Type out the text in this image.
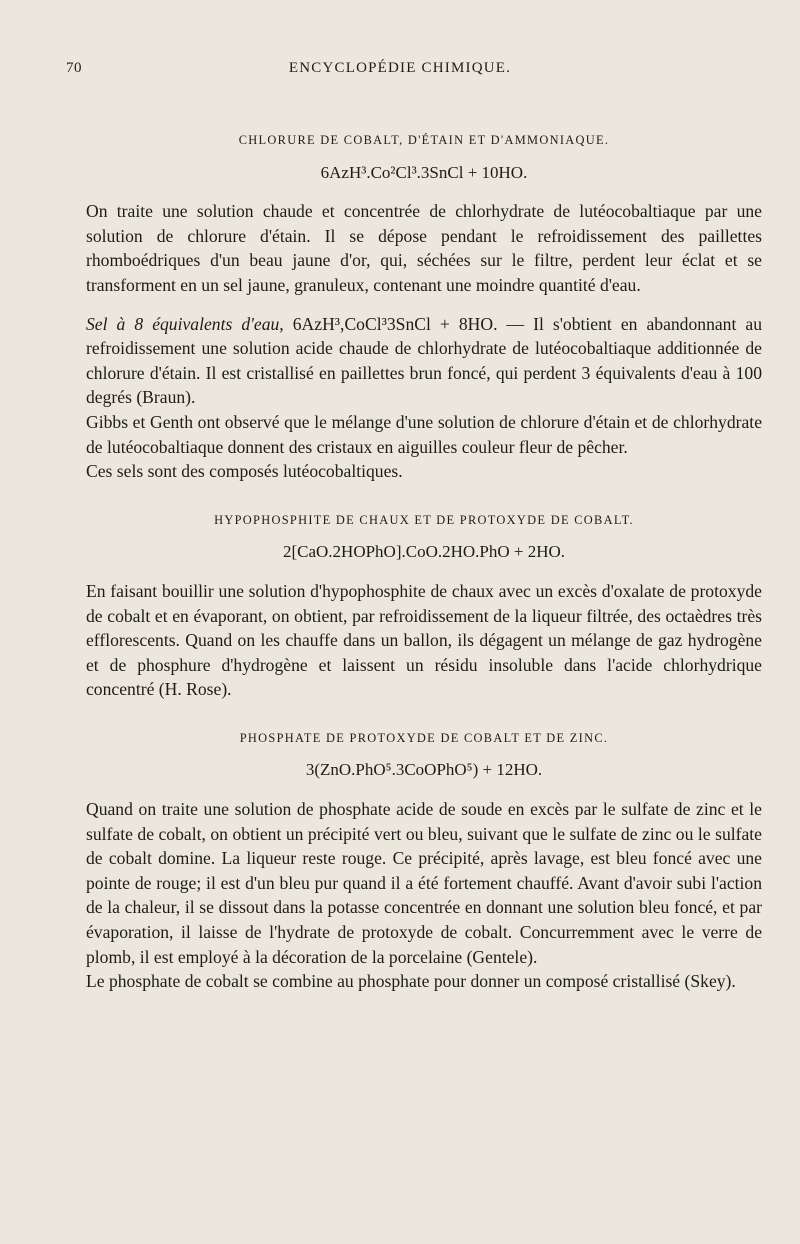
70	ENCYCLOPÉDIE CHIMIQUE.
CHLORURE DE COBALT, D'ÉTAIN ET D'AMMONIAQUE.
6AzH³.Co²Cl³.3SnCl + 10HO.

On traite une solution chaude et concentrée de chlorhydrate de lutéocobaltiaque par une solution de chlorure d'étain. Il se dépose pendant le refroidissement des paillettes rhomboédriques d'un beau jaune d'or, qui, séchées sur le filtre, perdent leur éclat et se transforment en un sel jaune, granuleux, contenant une moindre quantité d'eau.

Sel à 8 équivalents d'eau, 6AzH³,CoCl³3SnCl + 8HO. — Il s'obtient en abandonnant au refroidissement une solution acide chaude de chlorhydrate de lutéocobaltiaque additionnée de chlorure d'étain. Il est cristallisé en paillettes brun foncé, qui perdent 3 équivalents d'eau à 100 degrés (Braun).

Gibbs et Genth ont observé que le mélange d'une solution de chlorure d'étain et de chlorhydrate de lutéocobaltiaque donnent des cristaux en aiguilles couleur fleur de pêcher.

Ces sels sont des composés lutéocobaltiques.

HYPOPHOSPHITE DE CHAUX ET DE PROTOXYDE DE COBALT.
2[CaO.2HOPhO].CoO.2HO.PhO + 2HO.

En faisant bouillir une solution d'hypophosphite de chaux avec un excès d'oxalate de protoxyde de cobalt et en évaporant, on obtient, par refroidissement de la liqueur filtrée, des octaèdres très efflorescents. Quand on les chauffe dans un ballon, ils dégagent un mélange de gaz hydrogène et de phosphure d'hydrogène et laissent un résidu insoluble dans l'acide chlorhydrique concentré (H. Rose).

PHOSPHATE DE PROTOXYDE DE COBALT ET DE ZINC.
3(ZnO.PhO⁵.3CoOPhO⁵) + 12HO.

Quand on traite une solution de phosphate acide de soude en excès par le sulfate de zinc et le sulfate de cobalt, on obtient un précipité vert ou bleu, suivant que le sulfate de zinc ou le sulfate de cobalt domine. La liqueur reste rouge. Ce précipité, après lavage, est bleu foncé avec une pointe de rouge; il est d'un bleu pur quand il a été fortement chauffé. Avant d'avoir subi l'action de la chaleur, il se dissout dans la potasse concentrée en donnant une solution bleu foncé, et par évaporation, il laisse de l'hydrate de protoxyde de cobalt. Concurremment avec le verre de plomb, il est employé à la décoration de la porcelaine (Gentele).

Le phosphate de cobalt se combine au phosphate pour donner un composé cristallisé (Skey).
